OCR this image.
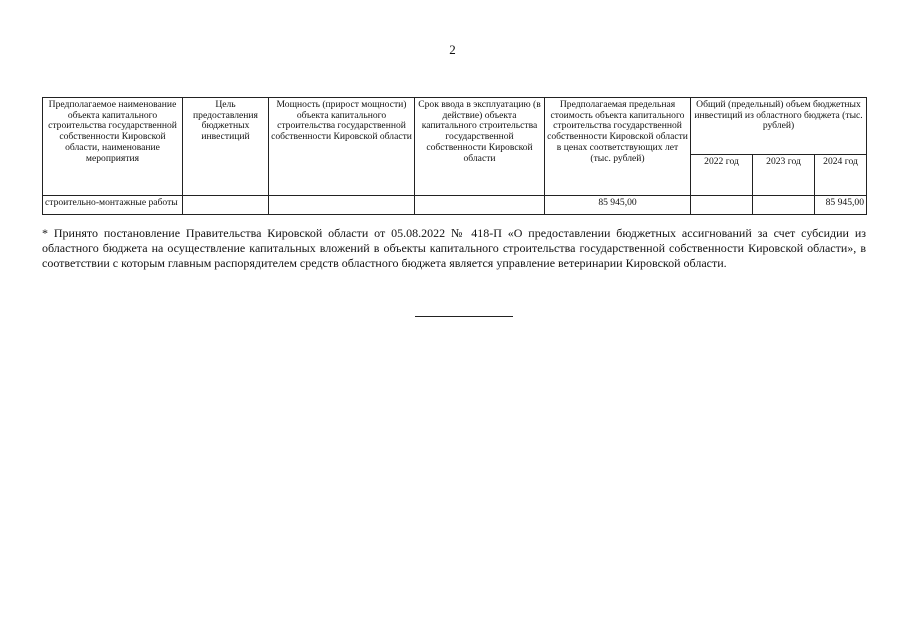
2
Предполагаемое наименование объекта капитального строительства государственной собственности Кировской области, наименование мероприятия	Цель предоставления бюджетных инвестиций	Мощность (прирост мощности) объекта капитального строительства государственной собственности Кировской области	Срок ввода в эксплуатацию (в действие) объекта капитального строительства государственной собственности Кировской области	Предполагаемая предельная стоимость объекта капитального строительства государственной собственности Кировской области в ценах соответствующих лет (тыс. рублей)	Общий (предельный) объем бюджетных инвестиций из областного бюджета (тыс. рублей)		
					2022 год	2023 год	2024 год
строительно-монтажные работы				85 945,00			85 945,00
* Принято постановление Правительства Кировской области от 05.08.2022 № 418-П «О предоставлении бюджетных ассигнований за счет субсидии из областного бюджета на осуществление капитальных вложений в объекты капитального строительства государственной собственности Кировской области», в соответствии с которым главным распорядителем средств областного бюджета является управление ветеринарии Кировской области.
